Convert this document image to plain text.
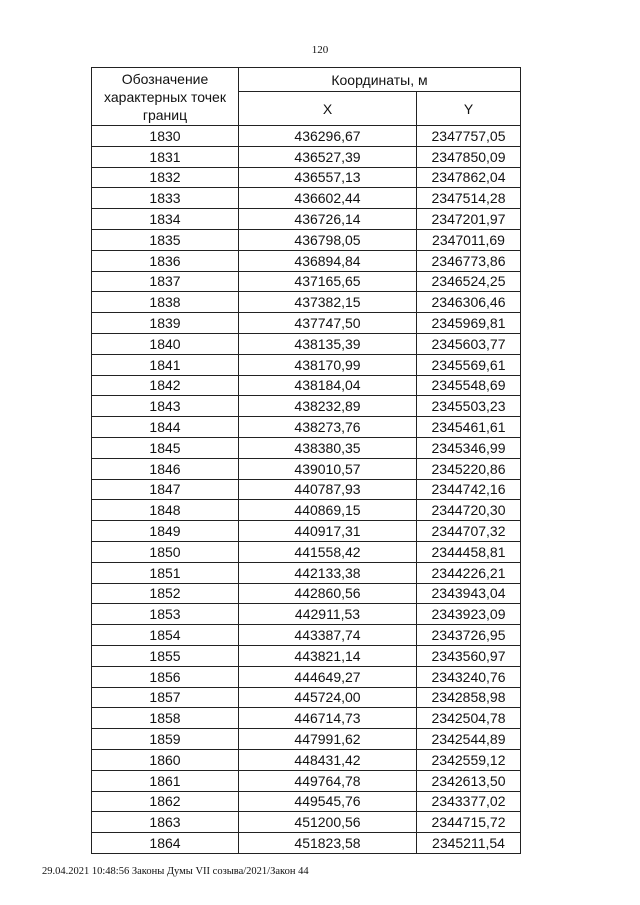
120
Обозначение характерных точек границ	Координаты, м	
	X	Y
1830	436296,67	2347757,05
1831	436527,39	2347850,09
1832	436557,13	2347862,04
1833	436602,44	2347514,28
1834	436726,14	2347201,97
1835	436798,05	2347011,69
1836	436894,84	2346773,86
1837	437165,65	2346524,25
1838	437382,15	2346306,46
1839	437747,50	2345969,81
1840	438135,39	2345603,77
1841	438170,99	2345569,61
1842	438184,04	2345548,69
1843	438232,89	2345503,23
1844	438273,76	2345461,61
1845	438380,35	2345346,99
1846	439010,57	2345220,86
1847	440787,93	2344742,16
1848	440869,15	2344720,30
1849	440917,31	2344707,32
1850	441558,42	2344458,81
1851	442133,38	2344226,21
1852	442860,56	2343943,04
1853	442911,53	2343923,09
1854	443387,74	2343726,95
1855	443821,14	2343560,97
1856	444649,27	2343240,76
1857	445724,00	2342858,98
1858	446714,73	2342504,78
1859	447991,62	2342544,89
1860	448431,42	2342559,12
1861	449764,78	2342613,50
1862	449545,76	2343377,02
1863	451200,56	2344715,72
1864	451823,58	2345211,54
29.04.2021 10:48:56 Законы Думы VII созыва/2021/Закон 44
